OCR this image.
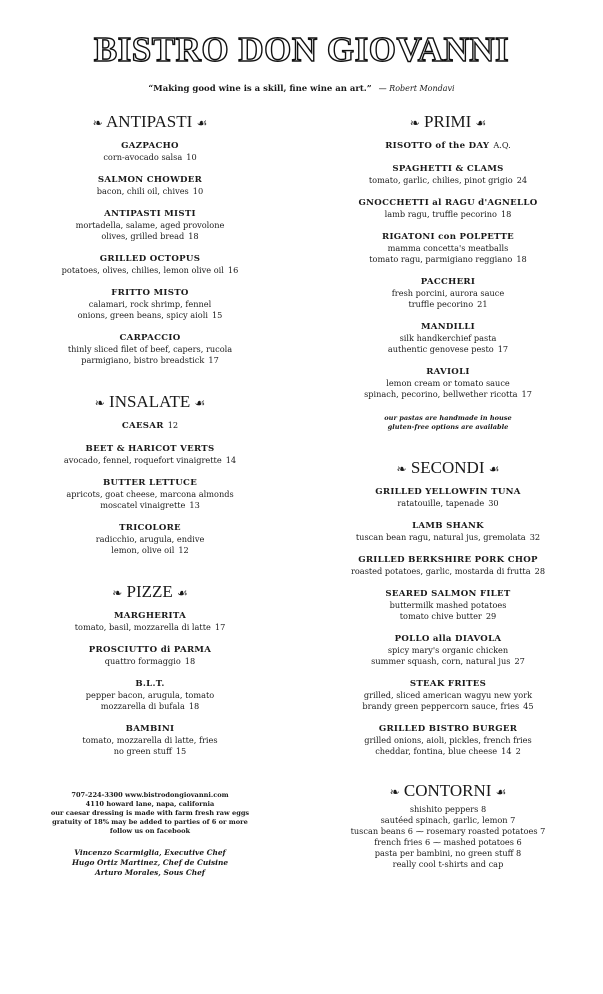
BISTRO DON GIOVANNI
“Making good wine is a skill, fine wine an art.” — Robert Mondavi
❧ ANTIPASTI ☙
GAZPACHO
corn-avocado salsa 10
SALMON CHOWDER
bacon, chili oil, chives 10
ANTIPASTI MISTI
mortadella, salame, aged provolone
olives, grilled bread 18
GRILLED OCTOPUS
potatoes, olives, chilies, lemon olive oil 16
FRITTO MISTO
calamari, rock shrimp, fennel
onions, green beans, spicy aioli 15
CARPACCIO
thinly sliced filet of beef, capers, rucola
parmigiano, bistro breadstick 17
❧ INSALATE ☙
CAESAR 12
BEET & HARICOT VERTS
avocado, fennel, roquefort vinaigrette 14
BUTTER LETTUCE
apricots, goat cheese, marcona almonds
moscatel vinaigrette 13
TRICOLORE
radicchio, arugula, endive
lemon, olive oil 12
❧ PIZZE ☙
MARGHERITA
tomato, basil, mozzarella di latte 17
PROSCIUTTO di PARMA
quattro formaggio 18
B.L.T.
pepper bacon, arugula, tomato
mozzarella di bufala 18
BAMBINI
tomato, mozzarella di latte, fries
no green stuff 15
707-224-3300 www.bistrodongiovanni.com
4110 howard lane, napa, california
our caesar dressing is made with farm fresh raw eggs
gratuity of 18% may be added to parties of 6 or more
follow us on facebook
Vincenzo Scarmiglia, Executive Chef
Hugo Ortiz Martinez, Chef de Cuisine
Arturo Morales, Sous Chef
❧ PRIMI ☙
RISOTTO of the DAY A.Q.
SPAGHETTI & CLAMS
tomato, garlic, chilies, pinot grigio 24
GNOCCHETTI al RAGU d'AGNELLO
lamb ragu, truffle pecorino 18
RIGATONI con POLPETTE
mamma concetta's meatballs
tomato ragu, parmigiano reggiano 18
PACCHERI
fresh porcini, aurora sauce
truffle pecorino 21
MANDILLI
silk handkerchief pasta
authentic genovese pesto 17
RAVIOLI
lemon cream or tomato sauce
spinach, pecorino, bellwether ricotta 17
our pastas are handmade in house
gluten-free options are available
❧ SECONDI ☙
GRILLED YELLOWFIN TUNA
ratatouille, tapenade 30
LAMB SHANK
tuscan bean ragu, natural jus, gremolata 32
GRILLED BERKSHIRE PORK CHOP
roasted potatoes, garlic, mostarda di frutta 28
SEARED SALMON FILET
buttermilk mashed potatoes
tomato chive butter 29
POLLO alla DIAVOLA
spicy mary's organic chicken
summer squash, corn, natural jus 27
STEAK FRITES
grilled, sliced american wagyu new york
brandy green peppercorn sauce, fries 45
GRILLED BISTRO BURGER
grilled onions, aioli, pickles, french fries
cheddar, fontina, blue cheese 14 2
❧ CONTORNI ☙
shishito peppers 8
sautéed spinach, garlic, lemon 7
tuscan beans 6 ⁓ rosemary roasted potatoes 7
french fries 6 ⁓ mashed potatoes 6
pasta per bambini, no green stuff 8
really cool t-shirts and cap
